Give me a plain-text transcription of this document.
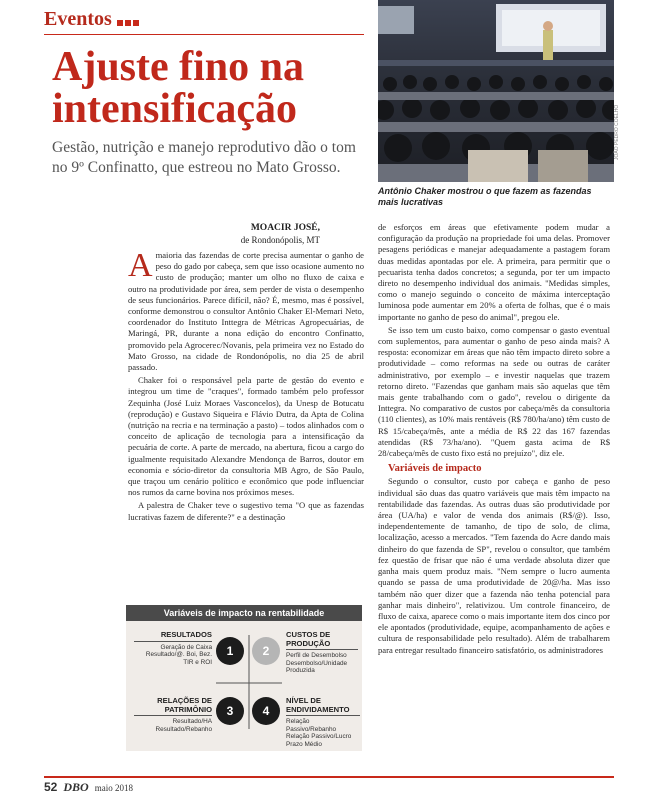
Eventos
Ajuste fino na intensificação

Gestão, nutrição e manejo reprodutivo dão o tom no 9º Confinatto, que estreou no Mato Grosso.

JOÃO PEDRO COELHO

Antônio Chaker mostrou o que fazem as fazendas mais lucrativas

MOACIR JOSÉ,
de Rondonópolis, MT

Amaioria das fazendas de corte precisa aumentar o ganho de peso do gado por cabeça, sem que isso ocasione aumento no custo de produção; manter um olho no fluxo de caixa e outro na produtividade por área, sem perder de vista o desempenho de seus funcionários. Parece difícil, não? É, mesmo, mas é possível, conforme demonstrou o consultor Antônio Chaker El-Memari Neto, coordenador do Instituto Inttegra de Métricas Agropecuárias, de Maringá, PR, durante a nona edição do encontro Confinatto, promovido pela Agrocerес/Novanis, pela primeira vez no Estado do Mato Grosso, na cidade de Rondonópolis, no dia 25 de abril passado.

Chaker foi o responsável pela parte de gestão do evento e integrou um time de "craques", formado também pelo professor Zequinha (José Luiz Moraes Vasconcelos), da Unesp de Botucatu (reprodução) e Gustavo Siqueira e Flávio Dutra, da Apta de Colina (nutrição na recria e na terminação a pasto) – todos alinhados com o conceito de aplicação de tecnologia para a intensificação da pecuária de corte. A parte de mercado, na abertura, ficou a cargo do igualmente requisitado Alexandre Mendonça de Barros, doutor em economia e sócio-diretor da consultoria MB Agro, de São Paulo, que traçou um cenário político e econômico que pode influenciar nos rumos da carne bovina nos próximos meses.

A palestra de Chaker teve o sugestivo tema "O que as fazendas lucrativas fazem de diferente?" e a destinação

de esforços em áreas que efetivamente podem mudar a configuração da produção na propriedade foi uma delas. Promover pesagens periódicas e manejar adequadamente a pastagem foram duas medidas apontadas por ele. A primeira, para permitir que o pecuarista tenha dados concretos; a segunda, por ter um impacto direto no desempenho individual dos animais. "Medidas simples, como o manejo seguindo o conceito de máxima interceptação luminosa pode aumentar em 20% a oferta de folhas, que é o mais importante no ganho de peso do animal", pregou ele.

Se isso tem um custo baixo, como compensar o gasto eventual com suplementos, para aumentar o ganho de peso ainda mais? A resposta: economizar em áreas que não têm impacto direto sobre a produtividade – como reformas na sede ou outras de caráter administrativo, por exemplo – e investir naquelas que trazem retorno direto. "Fazendas que ganham mais são aquelas que têm mais gente trabalhando com o gado", revelou o dirigente da Inttegra. No comparativo de custos por cabeça/mês da consultoria (110 clientes), as 10% mais rentáveis (R$ 780/ha/ano) têm custo de R$ 15/cabeça/mês, ante a média de R$ 22 das 167 fazendas atendidas (R$ 73/ha/ano). "Quem gasta acima de R$ 28/cabeça/mês de custo fixo está no prejuízo", diz ele.

Variáveis de impacto

Segundo o consultor, custo por cabeça e ganho de peso individual são duas das quatro variáveis que mais têm impacto na rentabilidade das fazendas. As outras duas são produtividade por área (UA/ha) e valor de venda dos animais (R$/@). Isso, independentemente de tamanho, de tipo de solo, de clima, localização, acesso a mercados. "Tem fazenda do Acre dando mais dinheiro do que fazenda de SP", revelou o consultor, que também fez questão de frisar que não é uma verdade absoluta dizer que ganha mais quem produz mais. "Nem sempre o lucro aumenta quando se passa de uma produtividade de 20@/ha. Mas isso também não quer dizer que a fazenda não tenha potencial para ganhar mais dinheiro", relativizou. Um controle financeiro, de fluxo de caixa, aparece como o mais importante item dos cinco por ele apontados (produtividade, equipe, acompanhamento de ações e cultura de responsabilidade pelo resultado). Além de trabalharem para entregar resultado financeiro satisfatório, os administradores

Variáveis de impacto na rentabilidade
RESULTADOS
Geração de Caixa
Resultado/@. Boi, Bez.
TIR e ROI
1	2
CUSTOS DE PRODUÇÃO
Perfil de Desembolso
Desembolso/Unidade
Produzida
RELAÇÕES DE PATRIMÔNIO
Resultado/HA
Resultado/Rebanho
3	4
NÍVEL DE ENDIVIDAMENTO
Relação Passivo/Rebanho
Relação Passivo/Lucro
Prazo Médio
52 DBO maio 2018
